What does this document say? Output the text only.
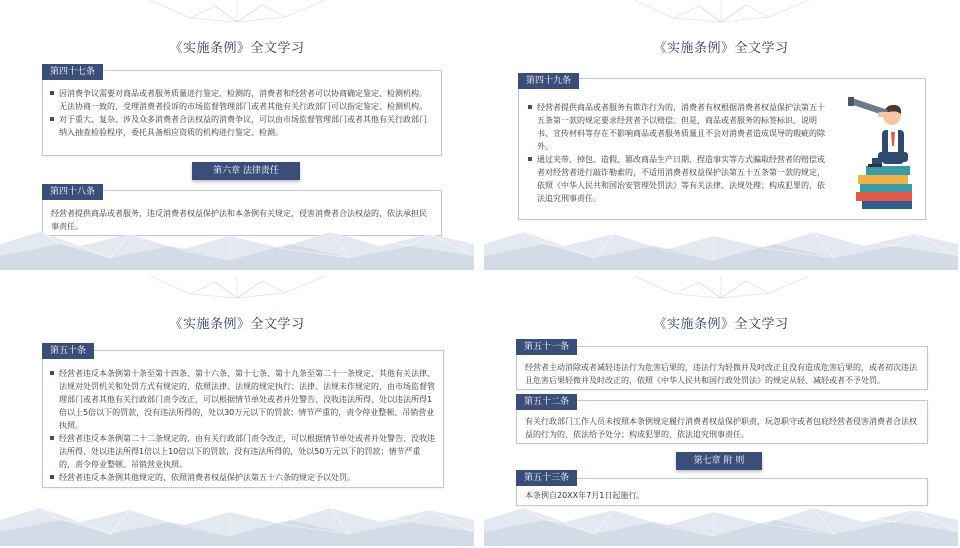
《实施条例》全文学习
因消费争议需要对商品或者服务质量进行鉴定、检测的，消费者和经营者可以协商确定鉴定、检测机构。无法协商一致的，受理消费者投诉的市场监督管理部门或者其他有关行政部门可以指定鉴定、检测机构。
对于重大、复杂、涉及众多消费者合法权益的消费争议，可以由市场监督管理部门或者其他有关行政部门纳入抽查检验程序，委托具备相应资质的机构进行鉴定、检测。
第四十七条
第六章 法律责任
经营者提供商品或者服务，违反消费者权益保护法和本条例有关规定，侵害消费者合法权益的，依法承担民事责任。
第四十八条
《实施条例》全文学习
经营者提供商品或者服务有欺诈行为的，消费者有权根据消费者权益保护法第五十五条第一款的规定要求经营者予以赔偿。但是，商品或者服务的标签标识、说明书、宣传材料等存在不影响商品或者服务质量且不会对消费者造成误导的瑕疵的除外。
通过夹带、掉包、造假、篡改商品生产日期、捏造事实等方式骗取经营者的赔偿或者对经营者进行敲诈勒索的，不适用消费者权益保护法第五十五条第一款的规定，依照《中华人民共和国治安管理处罚法》等有关法律、法规处理；构成犯罪的，依法追究刑事责任。
第四十九条
《实施条例》全文学习
经营者违反本条例第十条至第十四条、第十六条、第十七条、第十九条至第二十一条规定，其他有关法律、法规对处罚机关和处罚方式有规定的，依照法律、法规的规定执行；法律、法规未作规定的，由市场监督管理部门或者其他有关行政部门责令改正，可以根据情节单处或者并处警告、没收违法所得、处以违法所得1倍以上5倍以下的罚款，没有违法所得的，处以30万元以下的罚款；情节严重的，责令停业整顿、吊销营业执照。
经营者违反本条例第二十二条规定的，由有关行政部门责令改正，可以根据情节单处或者并处警告、没收违法所得、处以违法所得1倍以上10倍以下的罚款，没有违法所得的，处以50万元以下的罚款；情节严重的，责令停业整顿、吊销营业执照。
经营者违反本条例其他规定的，依照消费者权益保护法第五十六条的规定予以处罚。
第五十条
《实施条例》全文学习
经营者主动消除或者减轻违法行为危害后果的，违法行为轻微并及时改正且没有造成危害后果的，或者初次违法且危害后果轻微并及时改正的，依照《中华人民共和国行政处罚法》的规定从轻、减轻或者不予处罚。
第五十一条
有关行政部门工作人员未按照本条例规定履行消费者权益保护职责，玩忽职守或者包庇经营者侵害消费者合法权益的行为的，依法给予处分；构成犯罪的，依法追究刑事责任。
第五十二条
第七章 附 则
本条例自20XX年7月1日起施行。
第五十三条
